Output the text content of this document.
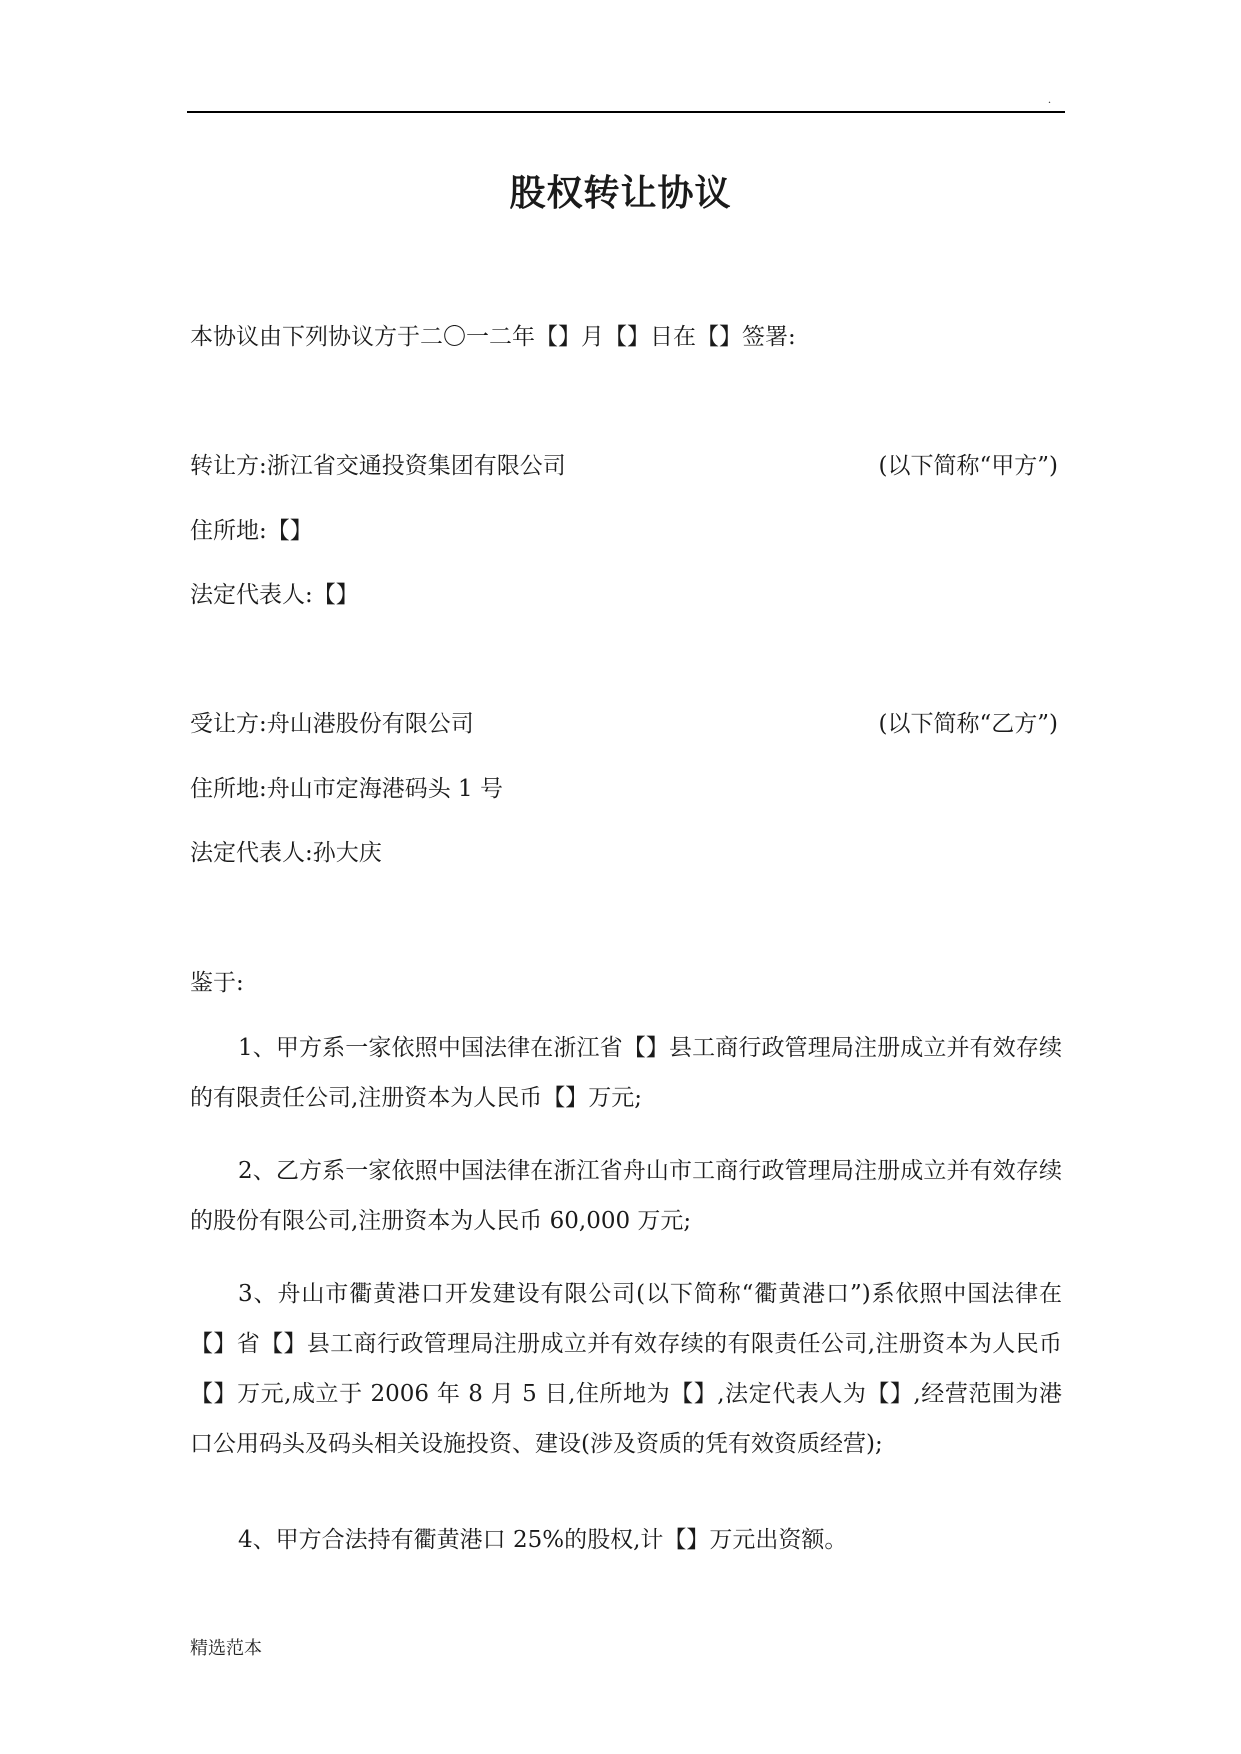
.
股权转让协议
本协议由下列协议方于二〇一二年【】月【】日在【】签署:
转让方:浙江省交通投资集团有限公司	(以下简称“甲方”)
住所地:【】
法定代表人:【】
受让方:舟山港股份有限公司	(以下简称“乙方”)
住所地:舟山市定海港码头 1 号
法定代表人:孙大庆
鉴于:
1、甲方系一家依照中国法律在浙江省【】县工商行政管理局注册成立并有效存续的有限责任公司,注册资本为人民币【】万元;
2、乙方系一家依照中国法律在浙江省舟山市工商行政管理局注册成立并有效存续的股份有限公司,注册资本为人民币 60,000 万元;
3、舟山市衢黄港口开发建设有限公司(以下简称“衢黄港口”)系依照中国法律在【】省【】县工商行政管理局注册成立并有效存续的有限责任公司,注册资本为人民币【】万元,成立于 2006 年 8 月 5 日,住所地为【】,法定代表人为【】,经营范围为港口公用码头及码头相关设施投资、建设(涉及资质的凭有效资质经营);
4、甲方合法持有衢黄港口 25%的股权,计【】万元出资额。
精选范本
